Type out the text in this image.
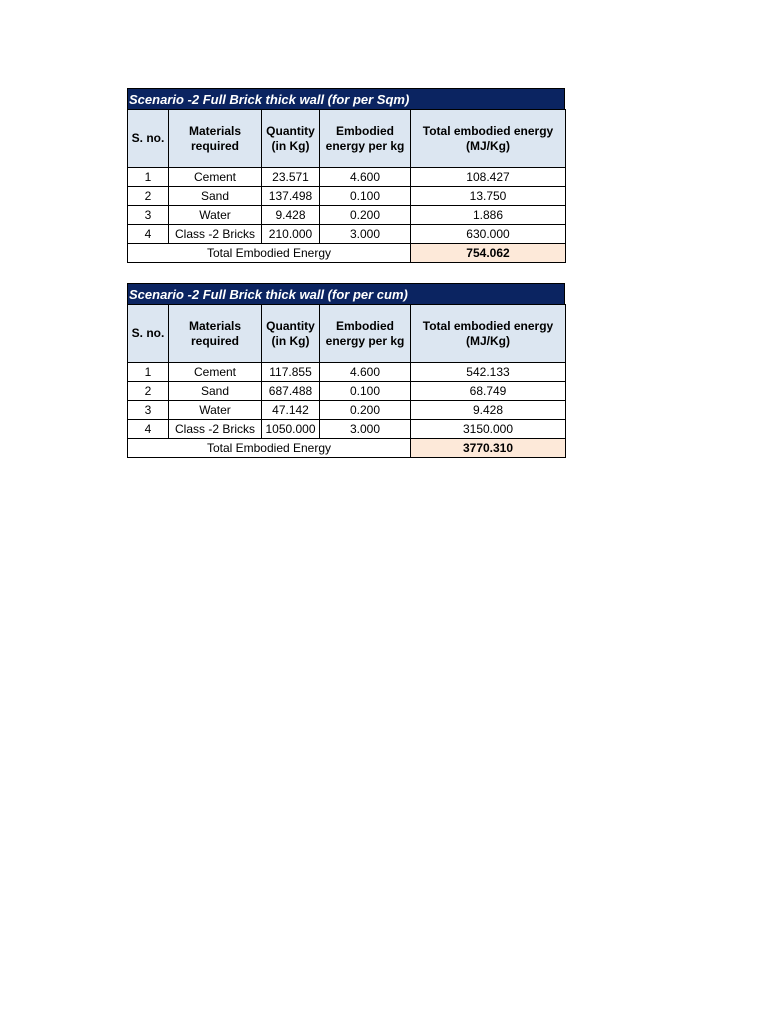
Scenario -2 Full Brick thick wall (for per Sqm)
S. no.	Materials required	Quantity (in Kg)	Embodied energy per kg	Total embodied energy (MJ/Kg)
1	Cement	23.571	4.600	108.427
2	Sand	137.498	0.100	13.750
3	Water	9.428	0.200	1.886
4	Class -2 Bricks	210.000	3.000	630.000
Total Embodied Energy				754.062
Scenario -2 Full Brick thick wall (for per cum)
S. no.	Materials required	Quantity (in Kg)	Embodied energy per kg	Total embodied energy (MJ/Kg)
1	Cement	117.855	4.600	542.133
2	Sand	687.488	0.100	68.749
3	Water	47.142	0.200	9.428
4	Class -2 Bricks	1050.000	3.000	3150.000
Total Embodied Energy				3770.310
